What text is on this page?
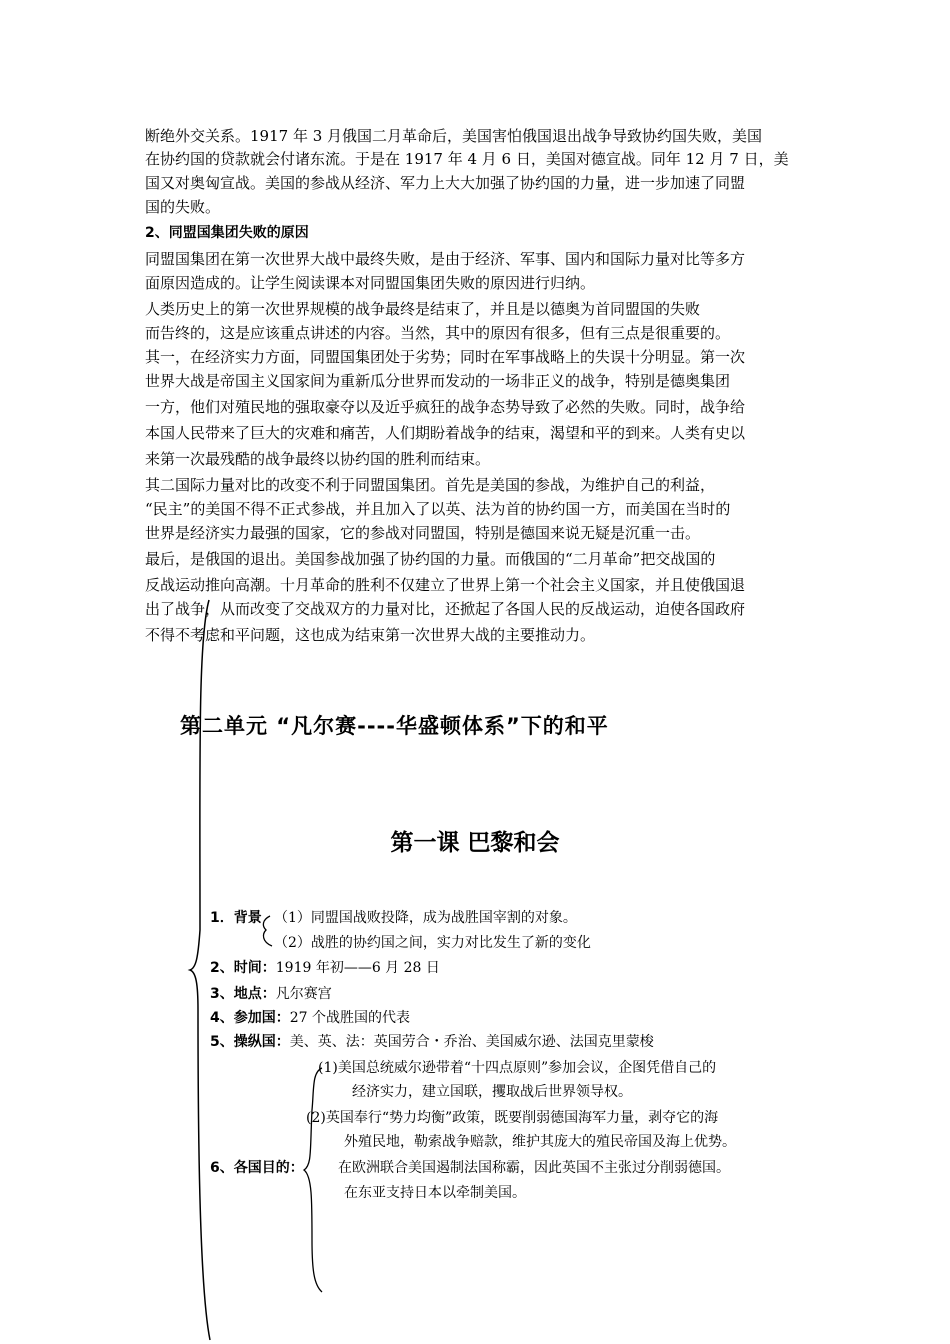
断绝外交关系。1917 年 3 月俄国二月革命后，美国害怕俄国退出战争导致协约国失败，美国
在协约国的贷款就会付诸东流。于是在 1917 年 4 月 6 日，美国对德宣战。同年 12 月 7 日，美
国又对奥匈宣战。美国的参战从经济、军力上大大加强了协约国的力量，进一步加速了同盟
国的失败。
2、同盟国集团失败的原因
同盟国集团在第一次世界大战中最终失败，是由于经济、军事、国内和国际力量对比等多方
面原因造成的。让学生阅读课本对同盟国集团失败的原因进行归纳。
人类历史上的第一次世界规模的战争最终是结束了，并且是以德奥为首同盟国的失败
而告终的，这是应该重点讲述的内容。当然，其中的原因有很多，但有三点是很重要的。
其一，在经济实力方面，同盟国集团处于劣势；同时在军事战略上的失误十分明显。第一次
世界大战是帝国主义国家间为重新瓜分世界而发动的一场非正义的战争，特别是德奥集团
一方，他们对殖民地的强取豪夺以及近乎疯狂的战争态势导致了必然的失败。同时，战争给
本国人民带来了巨大的灾难和痛苦，人们期盼着战争的结束，渴望和平的到来。人类有史以
来第一次最残酷的战争最终以协约国的胜利而结束。
其二国际力量对比的改变不利于同盟国集团。首先是美国的参战，为维护自己的利益，
“民主”的美国不得不正式参战，并且加入了以英、法为首的协约国一方，而美国在当时的
世界是经济实力最强的国家，它的参战对同盟国，特别是德国来说无疑是沉重一击。
最后，是俄国的退出。美国参战加强了协约国的力量。而俄国的“二月革命”把交战国的
反战运动推向高潮。十月革命的胜利不仅建立了世界上第一个社会主义国家，并且使俄国退
出了战争，从而改变了交战双方的力量对比，还掀起了各国人民的反战运动，迫使各国政府
不得不考虑和平问题，这也成为结束第一次世界大战的主要推动力。
第二单元 “凡尔赛----华盛顿体系”下的和平
第一课 巴黎和会
1．背景 （1）同盟国战败投降，成为战胜国宰割的对象。
（2）战胜的协约国之间，实力对比发生了新的变化
2、时间：1919 年初——6 月 28 日
3、地点：凡尔赛宫
4、参加国：27 个战胜国的代表
5、操纵国：美、英、法：英国劳合・乔治、美国威尔逊、法国克里蒙梭
(1)美国总统威尔逊带着“十四点原则”参加会议，企图凭借自己的
经济实力，建立国联，攫取战后世界领导权。
(2)英国奉行“势力均衡”政策，既要削弱德国海军力量，剥夺它的海
外殖民地，勒索战争赔款，维护其庞大的殖民帝国及海上优势。
6、各国目的： 在欧洲联合美国遏制法国称霸，因此英国不主张过分削弱德国。
在东亚支持日本以牵制美国。
